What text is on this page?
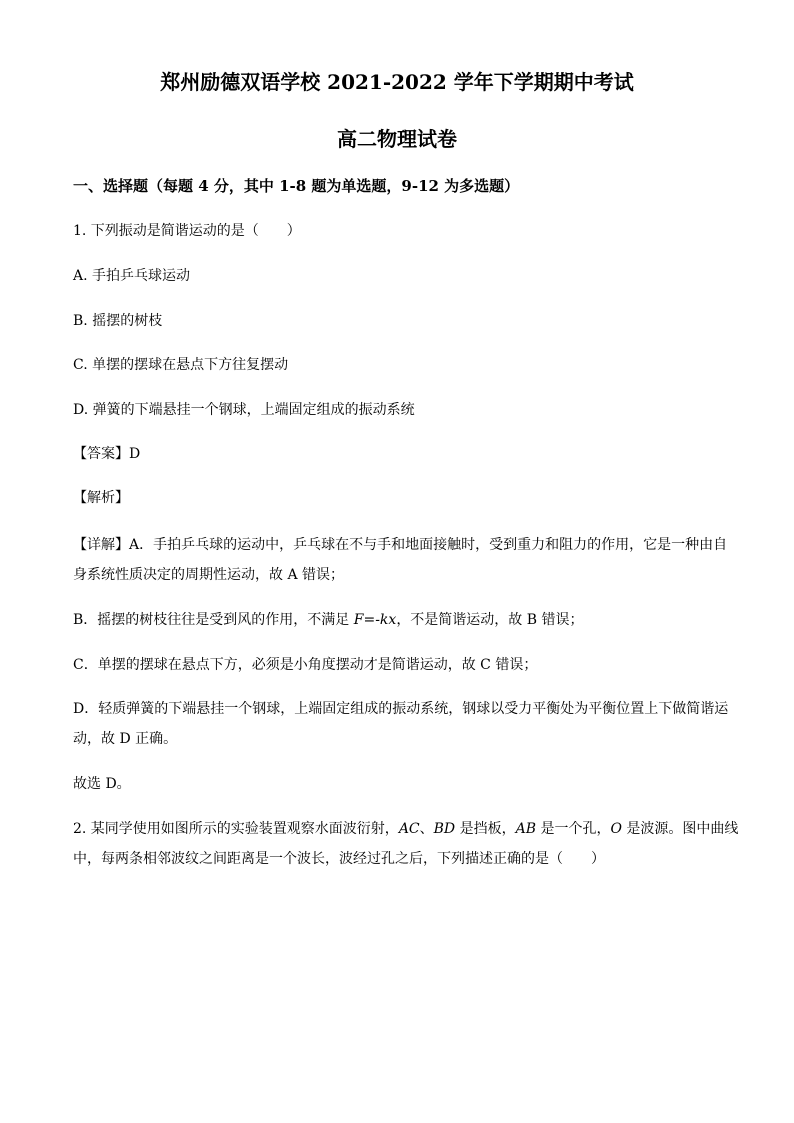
郑州励德双语学校 2021-2022 学年下学期期中考试
高二物理试卷
一、选择题（每题 4 分，其中 1-8 题为单选题，9-12 为多选题）
1. 下列振动是简谐运动的是（　　）
A. 手拍乒乓球运动
B. 摇摆的树枝
C. 单摆的摆球在悬点下方往复摆动
D. 弹簧的下端悬挂一个钢球，上端固定组成的振动系统
【答案】D
【解析】
【详解】A．手拍乒乓球的运动中，乒乓球在不与手和地面接触时，受到重力和阻力的作用，它是一种由自
身系统性质决定的周期性运动，故 A 错误；
B．摇摆的树枝往往是受到风的作用，不满足 F=-kx，不是简谐运动，故 B 错误；
C．单摆的摆球在悬点下方，必须是小角度摆动才是简谐运动，故 C 错误；
D．轻质弹簧的下端悬挂一个钢球，上端固定组成的振动系统，钢球以受力平衡处为平衡位置上下做简谐运
动，故 D 正确。
故选 D。
2. 某同学使用如图所示的实验装置观察水面波衍射，AC、BD 是挡板，AB 是一个孔，O 是波源。图中曲线
中，每两条相邻波纹之间距离是一个波长，波经过孔之后，下列描述正确的是（　　）
